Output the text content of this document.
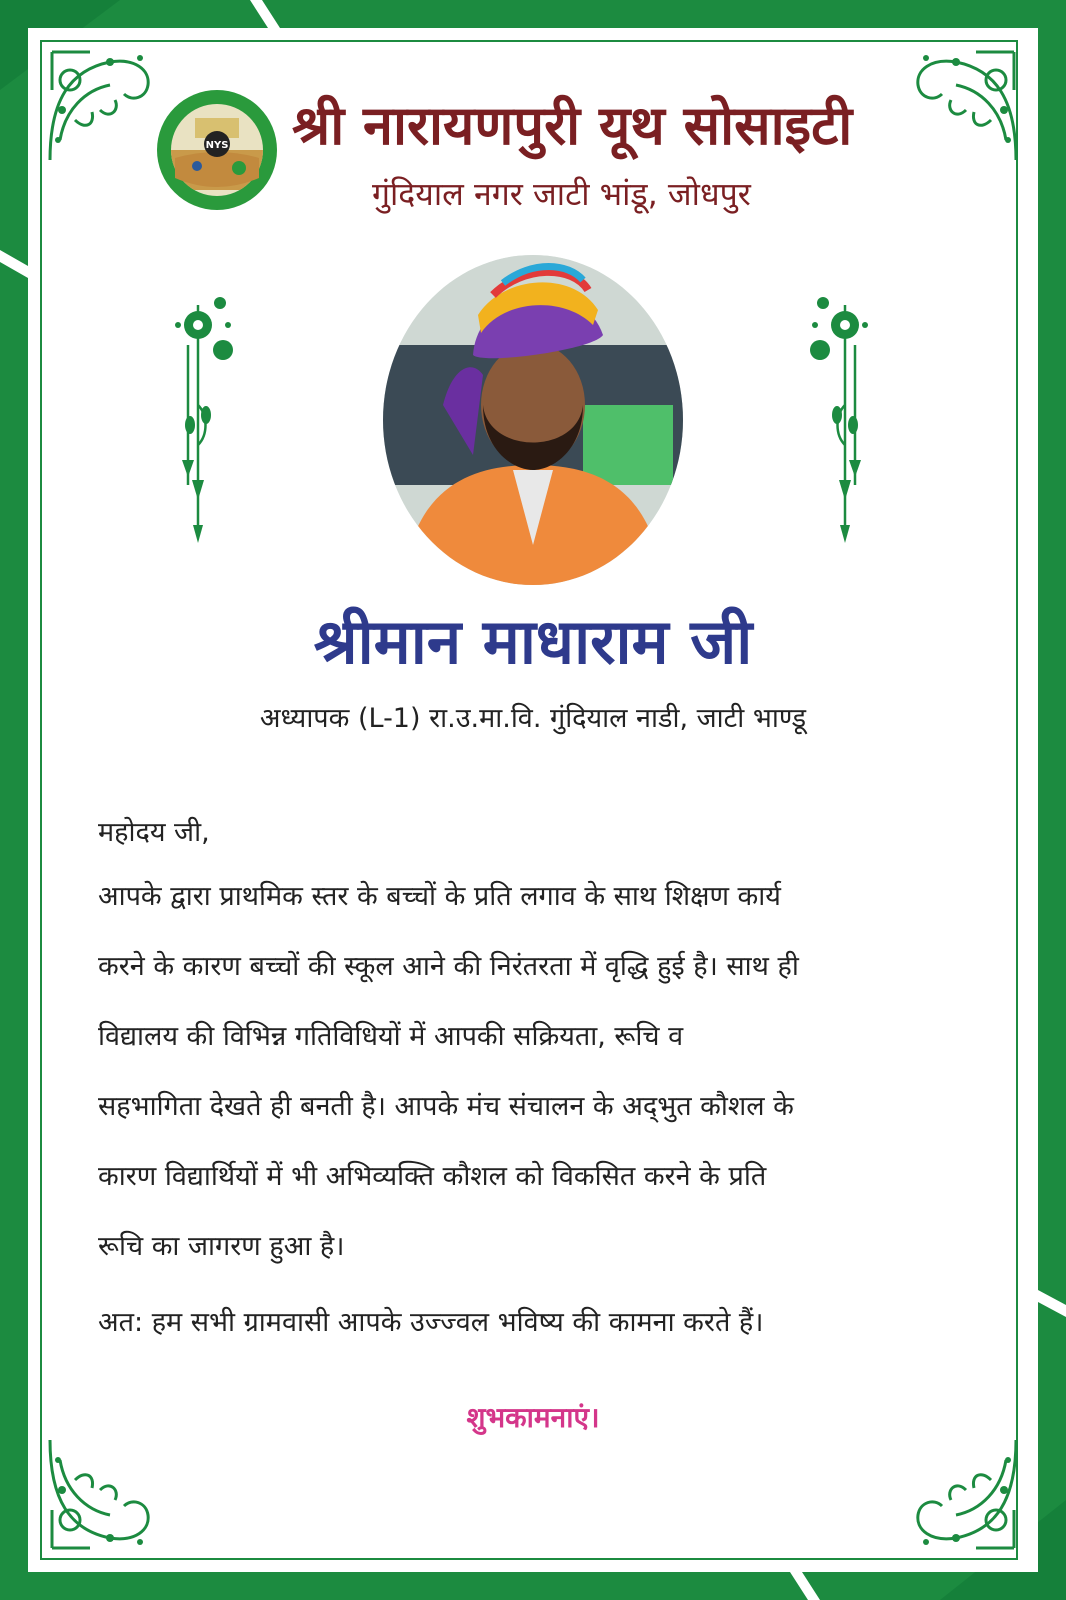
NYS श्री नारायणपुरी यूथ सोसाइटी
गुंदियाल नगर जाटी भांडू, जोधपुर
श्रीमान माधाराम जी
अध्यापक (L-1) रा.उ.मा.वि. गुंदियाल नाडी, जाटी भाण्डू
महोदय जी,
आपके द्वारा प्राथमिक स्तर के बच्चों के प्रति लगाव के साथ शिक्षण कार्य
करने के कारण बच्चों की स्कूल आने की निरंतरता में वृद्धि हुई है। साथ ही
विद्यालय की विभिन्न गतिविधियों में आपकी सक्रियता, रूचि व
सहभागिता देखते ही बनती है। आपके मंच संचालन के अद्‌भुत कौशल के
कारण विद्यार्थियों में भी अभिव्यक्ति कौशल को विकसित करने के प्रति
रूचि का जागरण हुआ है।
अत: हम सभी ग्रामवासी आपके उज्ज्वल भविष्य की कामना करते हैं।
शुभकामनाएं।
